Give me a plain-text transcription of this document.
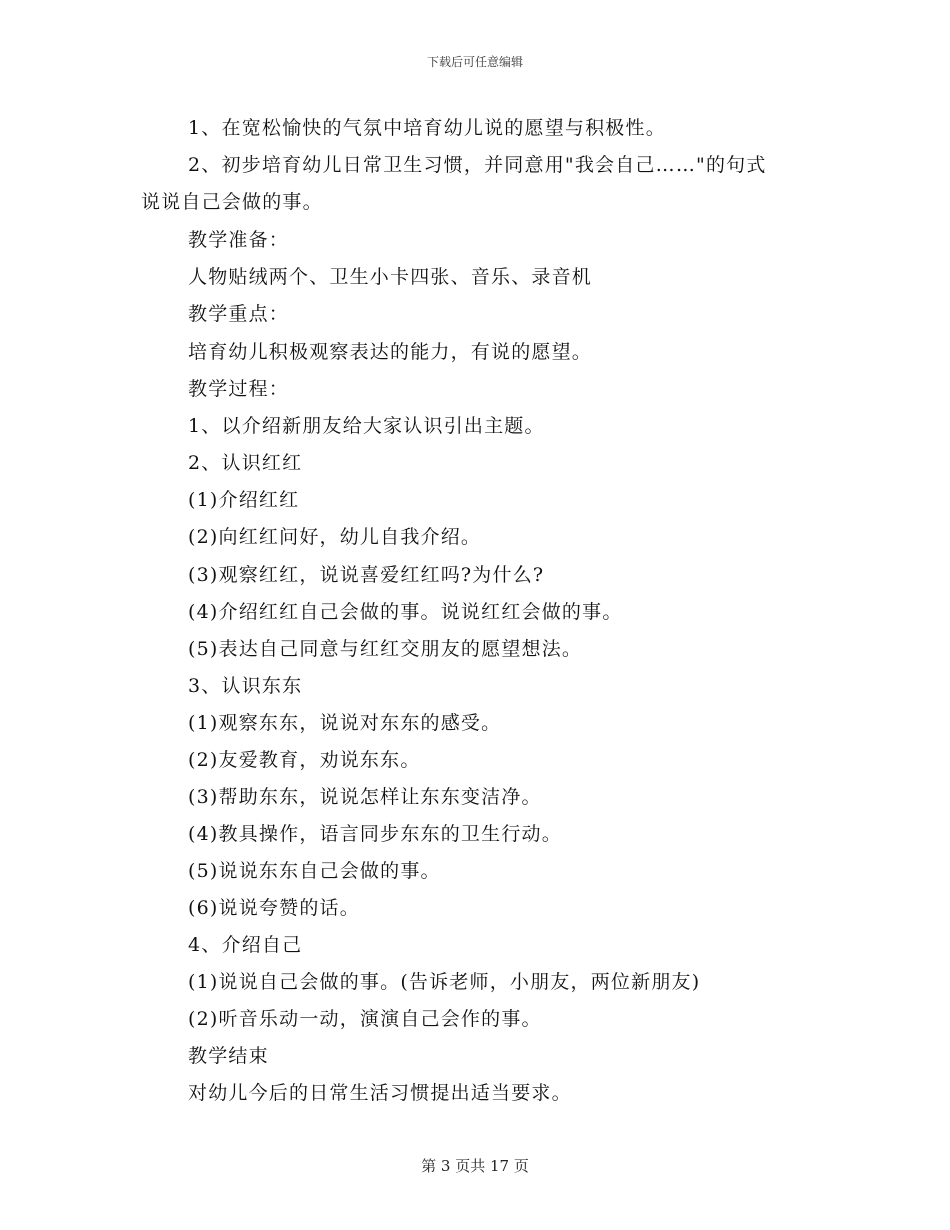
下载后可任意编辑
1、在宽松愉快的气氛中培育幼儿说的愿望与积极性。
2、初步培育幼儿日常卫生习惯，并同意用"我会自己……"的句式
说说自己会做的事。
教学准备：
人物贴绒两个、卫生小卡四张、音乐、录音机
教学重点：
培育幼儿积极观察表达的能力，有说的愿望。
教学过程：
1、以介绍新朋友给大家认识引出主题。
2、认识红红
(1)介绍红红
(2)向红红问好，幼儿自我介绍。
(3)观察红红，说说喜爱红红吗?为什么?
(4)介绍红红自己会做的事。说说红红会做的事。
(5)表达自己同意与红红交朋友的愿望想法。
3、认识东东
(1)观察东东，说说对东东的感受。
(2)友爱教育，劝说东东。
(3)帮助东东，说说怎样让东东变洁净。
(4)教具操作，语言同步东东的卫生行动。
(5)说说东东自己会做的事。
(6)说说夸赞的话。
4、介绍自己
(1)说说自己会做的事。(告诉老师，小朋友，两位新朋友)
(2)听音乐动一动，演演自己会作的事。
教学结束
对幼儿今后的日常生活习惯提出适当要求。
第 3 页共 17 页
